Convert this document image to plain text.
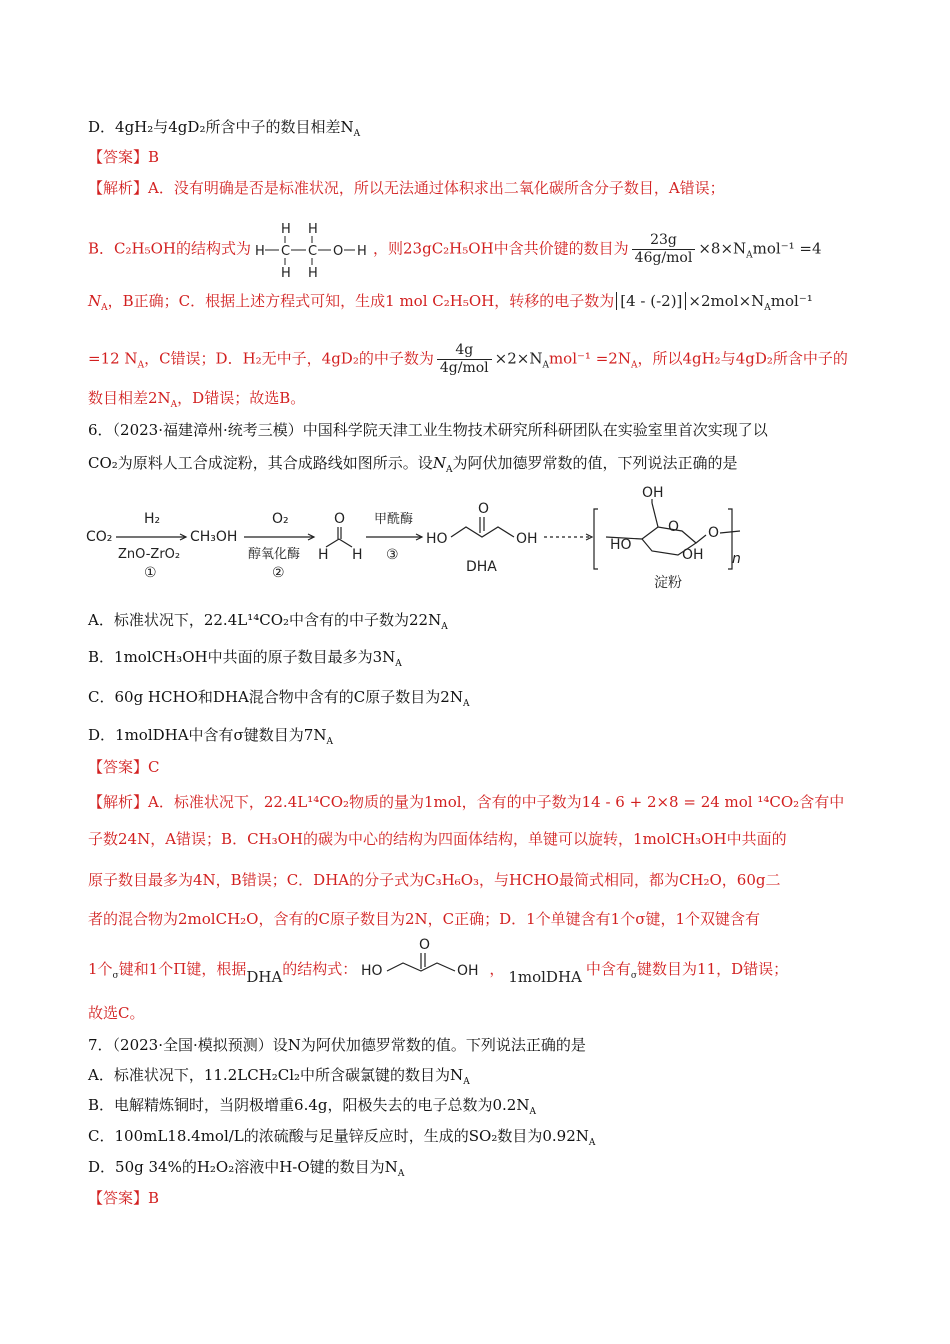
D．4gH₂与4gD₂所含中子的数目相差$N_A$
【答案】B
【解析】A．没有明确是否是标准状况，所以无法通过体积求出二氧化碳所含分子数目，A错误；
B．C₂H₅OH的结构式为
H H
H C C O H
H H
，则23gC₂H₅OH中含共价键的数目为 $\frac{23g}{\text{46g/mol}} \times 8\times N_Amol^{-1} =4$
$N_A$，B正确；C．根据上述方程式可知，生成1 mol C₂H₅OH，转移的电子数为 $[4 - (-2)] \times 2mol\times N_Amol^{-1}$
=12 $N_A$，C错误；D．H₂无中子，4gD₂的中子数为 $\frac{4g}{\text{4g/mol}} \times 2\times N_Amol^{-1} =2N_A$，所以4gH₂与4gD₂所含中子的
数目相差$2N_A$，D错误；故选B。
6．（2023·福建漳州·统考三模）中国科学院天津工业生物技术研究所科研团队在实验室里首次实现了以
CO₂为原料人工合成淀粉，其合成路线如图所示。设$N_A$为阿伏加德罗常数的值，下列说法正确的是
CO₂
H₂
ZnO-ZrO₂
①
CH₃OH
O₂
醇氧化酶
②
O
H H
甲酰酶
③
HO
O
OH
DHA
OH
HO
OH
O O
n
淀粉
A．标准状况下，22.4L¹⁴CO₂中含有的中子数为$22N_A$
B．1molCH₃OH中共面的原子数目最多为$3N_A$
C．60g HCHO和DHA混合物中含有的C原子数目为$2N_A$
D．1molDHA中含有σ键数目为$7N_A$
【答案】C
【解析】A．标准状况下，22.4L¹⁴CO₂物质的量为1mol，含有的中子数为14 - 6 + 2×8 = 24 mol ¹⁴CO₂含有中
子数24N，A错误；B．CH₃OH的碳为中心的结构为四面体结构，单键可以旋转，1molCH₃OH中共面的
原子数目最多为4N，B错误；C．DHA的分子式为C₃H₆O₃，与HCHO最简式相同，都为CH₂O，60g二
者的混合物为2molCH₂O，含有的C原子数目为2N，C正确；D．1个单键含有1个σ键，1个双键含有
1个$_\sigma$键和1个Π键，根据DHA的结构式： HO
O
OH ， 1molDHA 中含有$_\sigma$键数目为11，D错误；
故选C。
7．（2023·全国·模拟预测）设N为阿伏加德罗常数的值。下列说法正确的是
A．标准状况下，11.2LCH₂Cl₂中所含碳氯键的数目为$N_A$
B．电解精炼铜时，当阴极增重6.4g，阳极失去的电子总数为$0.2N_A$
C．100mL18.4mol/L的浓硫酸与足量锌反应时，生成的SO₂数目为$0.92N_A$
D．50g 34%的H₂O₂溶液中H-O键的数目为$N_A$
【答案】B
